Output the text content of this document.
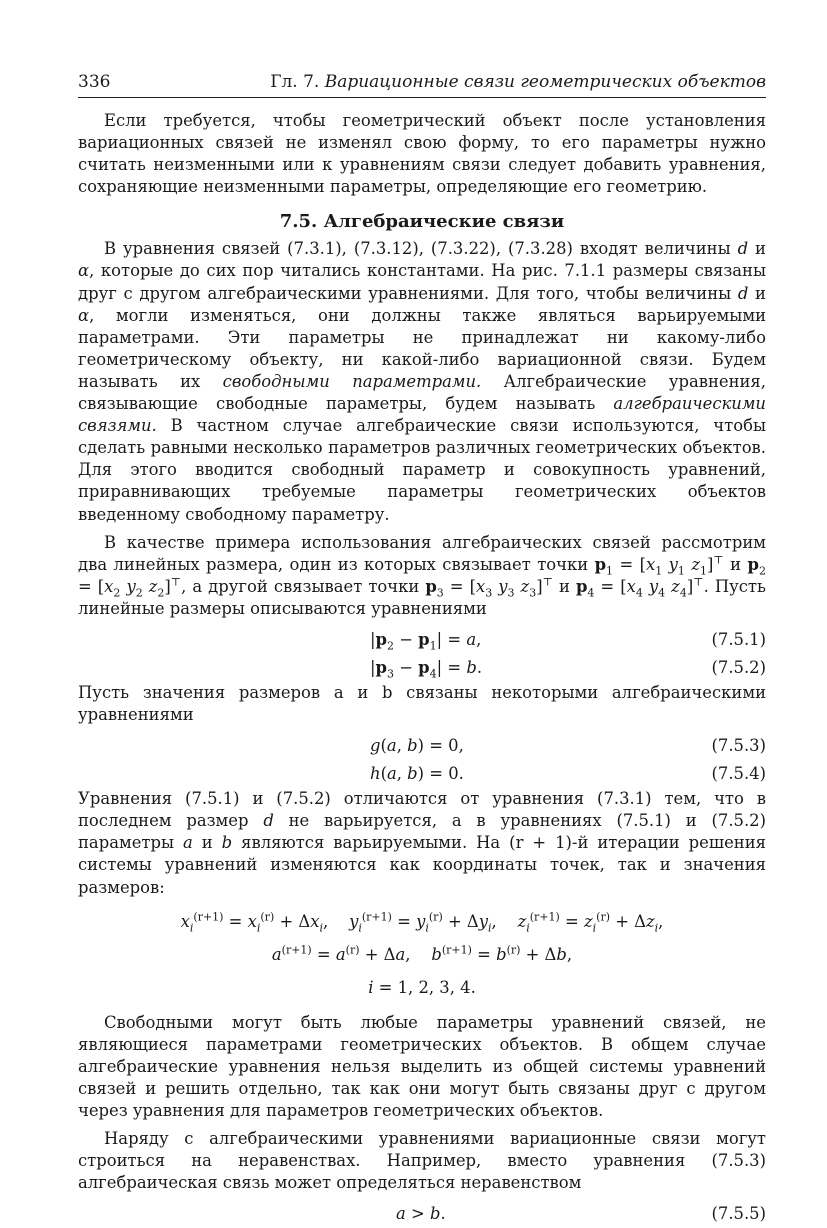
336	Гл. 7. Вариационные связи геометрических объектов

Если требуется, чтобы геометрический объект после установления вариационных связей не изменял свою форму, то его параметры нужно считать неизменными или к уравнениям связи следует добавить уравнения, сохраняющие неизменными параметры, определяющие его геометрию.

7.5. Алгебраические связи

В уравнения связей (7.3.1), (7.3.12), (7.3.22), (7.3.28) входят величины d и α, которые до сих пор читались константами. На рис. 7.1.1 размеры связаны друг с другом алгебраическими уравнениями. Для того, чтобы величины d и α, могли изменяться, они должны также являться варьируемыми параметрами. Эти параметры не принадлежат ни какому-либо геометрическому объекту, ни какой-либо вариационной связи. Будем называть их свободными параметрами. Алгебраические уравнения, связывающие свободные параметры, будем называть алгебраическими связями. В частном случае алгебраические связи используются, чтобы сделать равными несколько параметров различных геометрических объектов. Для этого вводится свободный параметр и совокупность уравнений, приравнивающих требуемые параметры геометрических объектов введенному свободному параметру.

В качестве примера использования алгебраических связей рассмотрим два линейных размера, один из которых связывает точки $p_1 = [x_1$ $y_1$ $z_1]^⊤$ и $p_2 = [x_2$ $y_2$ $z_2]^⊤$, а другой связывает точки $p_3 = [x_3$ $y_3$ $z_3]^⊤$ и $p_4 = [x_4$ $y_4$ $z_4]^⊤$. Пусть линейные размеры описываются уравнениями

$|p_2 - p_1| = a$,	(7.5.1)
$|p_3 - p_4| = b$.	(7.5.2)

Пусть значения размеров a и b связаны некоторыми алгебраическими уравнениями

g(a, b) = 0,	(7.5.3)
h(a, b) = 0.	(7.5.4)

Уравнения (7.5.1) и (7.5.2) отличаются от уравнения (7.3.1) тем, что в последнем размер d не варьируется, а в уравнениях (7.5.1) и (7.5.2) параметры a и b являются варьируемыми. На (r + 1)-й итерации решения системы уравнений изменяются как координаты точек, так и значения размеров:

$x_i^{(r+1)} = x_i^{(r)} + \Delta x_i$,    $y_i^{(r+1)} = y_i^{(r)} + \Delta y_i$,    $z_i^{(r+1)} = z_i^{(r)} + \Delta z_i$,
$a^{(r+1)} = a^{(r)} + \Delta a$,    $b^{(r+1)} = b^{(r)} + \Delta b$,
i = 1, 2, 3, 4.

Свободными могут быть любые параметры уравнений связей, не являющиеся параметрами геометрических объектов. В общем случае алгебраические уравнения нельзя выделить из общей системы уравнений связей и решить отдельно, так как они могут быть связаны друг с другом через уравнения для параметров геометрических объектов.

Наряду с алгебраическими уравнениями вариационные связи могут строиться на неравенствах. Например, вместо уравнения (7.5.3) алгебраическая связь может определяться неравенством

a > b.	(7.5.5)
